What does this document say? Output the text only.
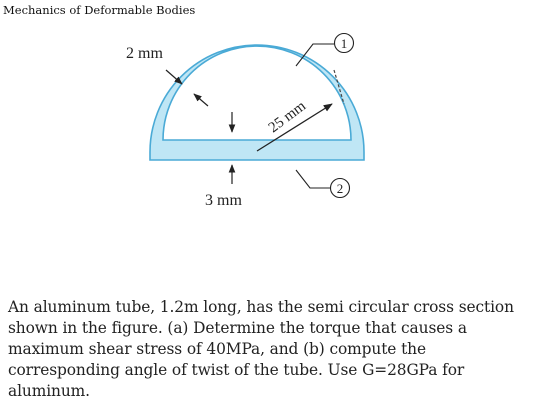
Mechanics of Deformable Bodies
2 mm
3 mm
25 mm
1
2
An aluminum tube, 1.2m long, has the semi circular cross section
shown in the figure. (a) Determine the torque that causes a
maximum shear stress of 40MPa, and (b) compute the
corresponding angle of twist of the tube. Use G=28GPa for
aluminum.
